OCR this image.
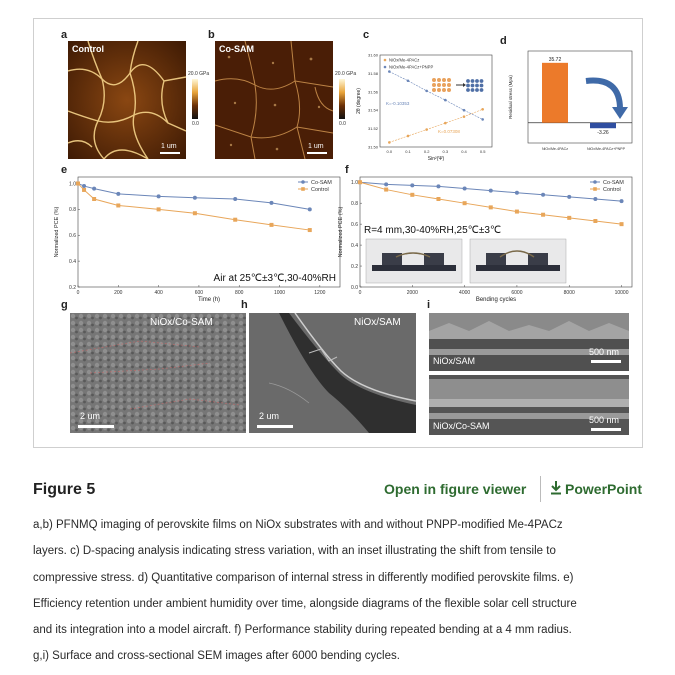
a
Control
1 um
20.0 GPa
0.0
b
Co-SAM
1 um
20.0 GPa
0.0
c
31.50
31.52
31.54
31.56
31.58
31.60
0.0	0.1	0.2	0.3	0.4	0.5
Sin²(Ψ)
2θ (degree)
NiOx/Me-4PACz
NiOx/Me-4PACz+PNPP
K=-0.10353
K=0.07308
d
35.72
-3.26
NiOx/Me-4PACz	NiOx/Me-4PACz+PNPP
Residual stress (Mpa)
e
0.2
0.4
0.6
0.8
1.0
0	200	400	600	800	1000	1200
Time (h)
Normalized PCE (%)
Co-SAM
Control
Air at 25℃±3℃,30-40%RH
f
0.0
0.2
0.4
0.6
0.8
1.0
0	2000	4000	6000	8000	10000
Bending cycles
Normalized PCE (%)
Co-SAM
Control
R=4 mm,30-40%RH,25℃±3℃
g
NiOx/Co-SAM
2 um
h
NiOx/SAM
2 um
i
NiOx/SAM
500 nm
NiOx/Co-SAM
500 nm
Figure 5	Open in figure viewer	PowerPoint

a,b) PFNMQ imaging of perovskite films on NiOx substrates with and without PNPP-modified Me-4PACz

layers. c) D-spacing analysis indicating stress variation, with an inset illustrating the shift from tensile to

compressive stress. d) Quantitative comparison of internal stress in differently modified perovskite films. e)

Efficiency retention under ambient humidity over time, alongside diagrams of the flexible solar cell structure

and its integration into a model aircraft. f) Performance stability during repeated bending at a 4 mm radius.

g,i) Surface and cross-sectional SEM images after 6000 bending cycles.
